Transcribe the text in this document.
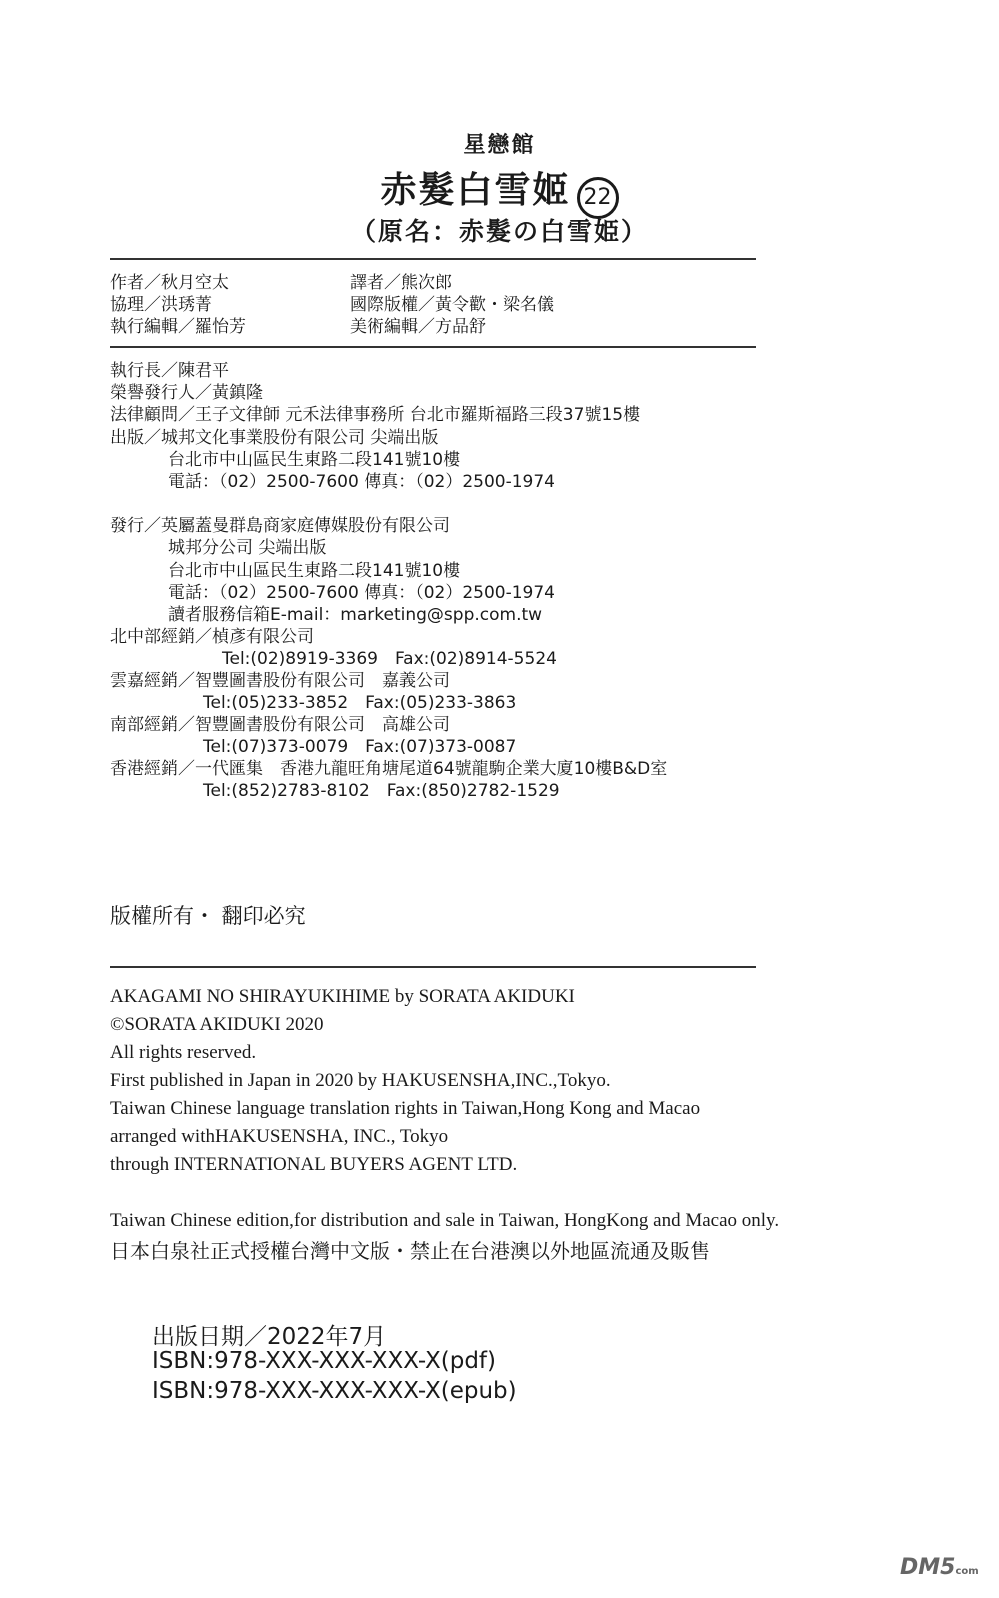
星戀館
赤髮白雪姬 22
（原名：赤髮の白雪姫）
作者／秋月空太	譯者／熊次郎
協理／洪琇菁	國際版權／黃令歡・梁名儀
執行編輯／羅怡芳	美術編輯／方品舒
執行長／陳君平
榮譽發行人／黃鎮隆
法律顧問／王子文律師 元禾法律事務所 台北市羅斯福路三段37號15樓
出版／城邦文化事業股份有限公司 尖端出版
台北市中山區民生東路二段141號10樓
電話：（02）2500-7600 傳真：（02）2500-1974
發行／英屬蓋曼群島商家庭傳媒股份有限公司
城邦分公司 尖端出版
台北市中山區民生東路二段141號10樓
電話：（02）2500-7600 傳真：（02）2500-1974
讀者服務信箱E-mail：marketing@spp.com.tw
北中部經銷／楨彥有限公司
Tel:(02)8919-3369　Fax:(02)8914-5524
雲嘉經銷／智豐圖書股份有限公司　嘉義公司
Tel:(05)233-3852　Fax:(05)233-3863
南部經銷／智豐圖書股份有限公司　高雄公司
Tel:(07)373-0079　Fax:(07)373-0087
香港經銷／一代匯集　香港九龍旺角塘尾道64號龍駒企業大廈10樓B&D室
Tel:(852)2783-8102　Fax:(850)2782-1529
版權所有・ 翻印必究
AKAGAMI NO SHIRAYUKIHIME by SORATA AKIDUKI
©SORATA AKIDUKI 2020
All rights reserved.
First published in Japan in 2020 by HAKUSENSHA,INC.,Tokyo.
Taiwan Chinese language translation rights in Taiwan,Hong Kong and Macao
arranged withHAKUSENSHA, INC., Tokyo
through INTERNATIONAL BUYERS AGENT LTD.
Taiwan Chinese edition,for distribution and sale in Taiwan, HongKong and Macao only.
日本白泉社正式授權台灣中文版・禁止在台港澳以外地區流通及販售
出版日期／2022年7月
ISBN:978-XXX-XXX-XXX-X(pdf)
ISBN:978-XXX-XXX-XXX-X(epub)
DM5com
